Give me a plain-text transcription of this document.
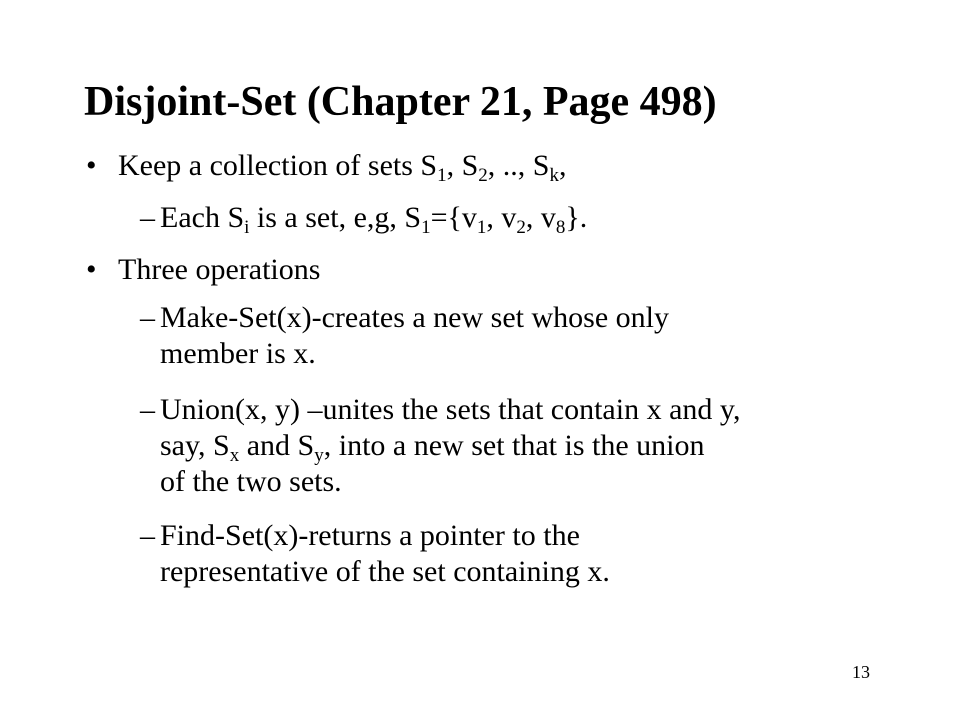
Disjoint-Set (Chapter 21, Page 498)
• Keep a collection of sets $S_1$, $S_2$, .., $S_k$,
– Each $S_i$ is a set, e,g, $S_1=\{v_1$, $v_2$, $v_8$}.
• Three operations
– Make-Set(x)-creates a new set whose only
member is x.
– Union(x, y) –unites the sets that contain x and y,
say, $S_x$ and $S_y$, into a new set that is the union
of the two sets.
– Find-Set(x)-returns a pointer to the
representative of the set containing x.
13
